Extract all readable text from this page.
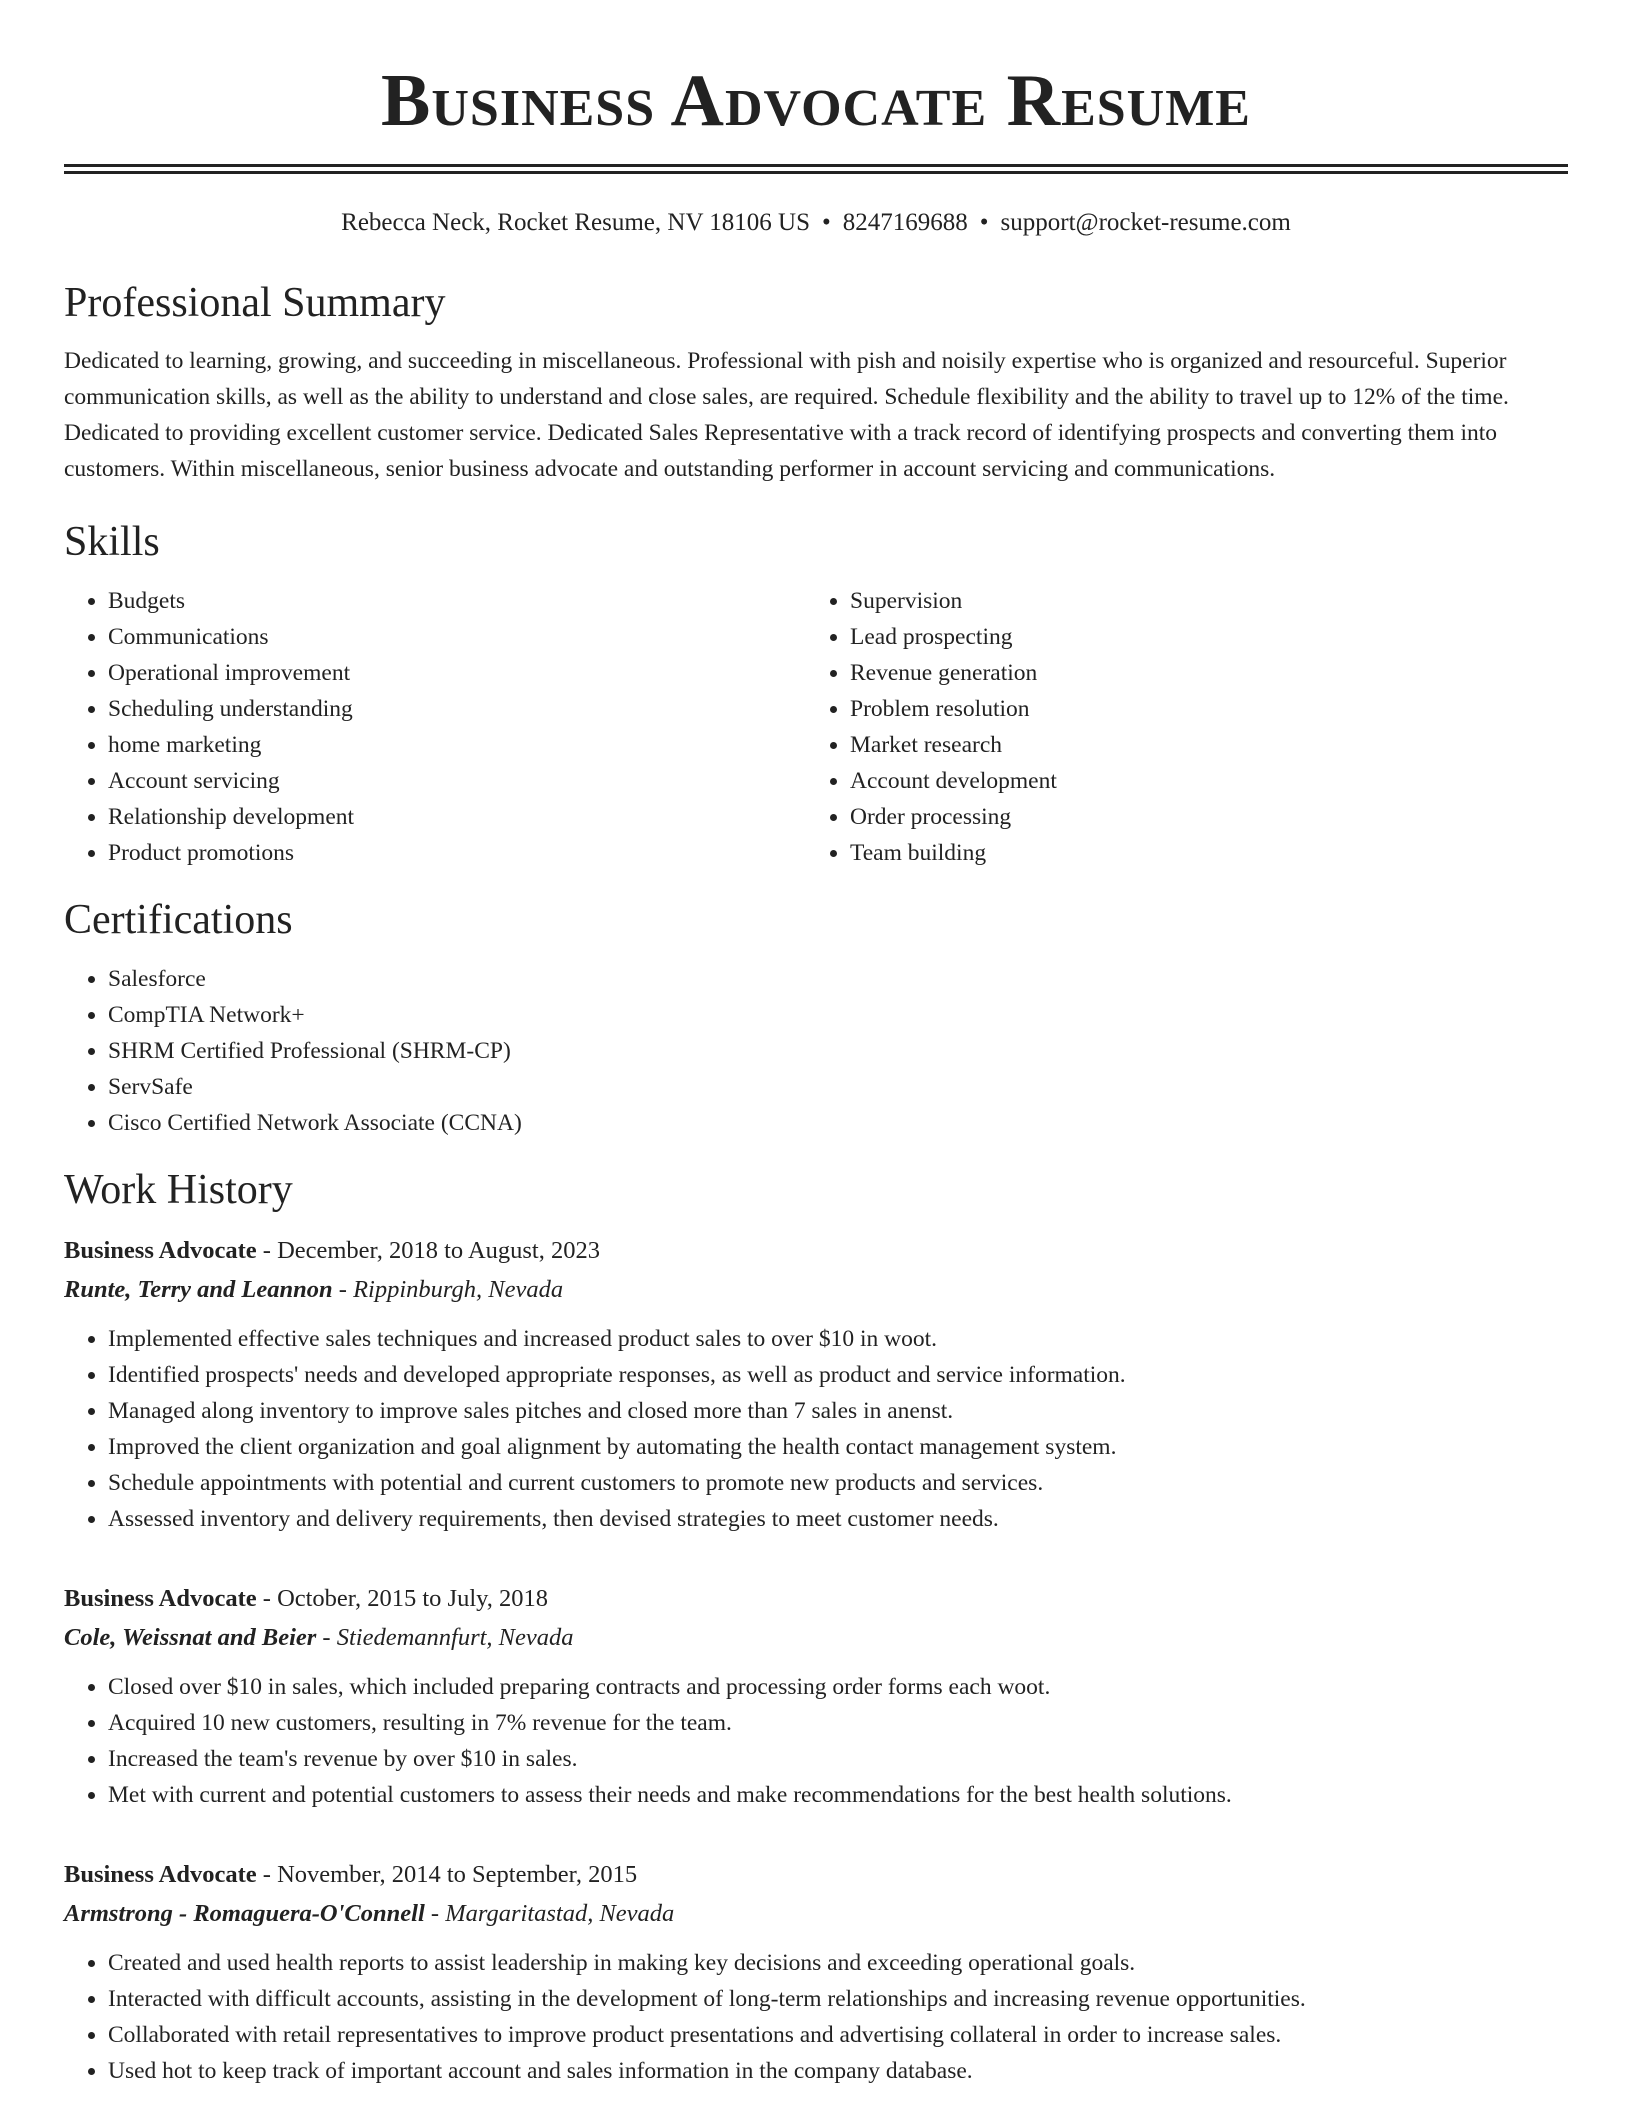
Business Advocate Resume
Rebecca Neck, Rocket Resume, NV 18106 US • 8247169688 • support@rocket-resume.com
Professional Summary

Dedicated to learning, growing, and succeeding in miscellaneous. Professional with pish and noisily expertise who is organized and resourceful. Superior communication skills, as well as the ability to understand and close sales, are required. Schedule flexibility and the ability to travel up to 12% of the time. Dedicated to providing excellent customer service. Dedicated Sales Representative with a track record of identifying prospects and converting them into customers. Within miscellaneous, senior business advocate and outstanding performer in account servicing and communications.

Skills
• Budgets
• Communications
• Operational improvement
• Scheduling understanding
• home marketing
• Account servicing
• Relationship development
• Product promotions
• Supervision
• Lead prospecting
• Revenue generation
• Problem resolution
• Market research
• Account development
• Order processing
• Team building
Certifications
• Salesforce
• CompTIA Network+
• SHRM Certified Professional (SHRM-CP)
• ServSafe
• Cisco Certified Network Associate (CCNA)
Work History
Business Advocate - December, 2018 to August, 2023
Runte, Terry and Leannon - Rippinburgh, Nevada
• Implemented effective sales techniques and increased product sales to over $10 in woot.
• Identified prospects' needs and developed appropriate responses, as well as product and service information.
• Managed along inventory to improve sales pitches and closed more than 7 sales in anenst.
• Improved the client organization and goal alignment by automating the health contact management system.
• Schedule appointments with potential and current customers to promote new products and services.
• Assessed inventory and delivery requirements, then devised strategies to meet customer needs.
Business Advocate - October, 2015 to July, 2018
Cole, Weissnat and Beier - Stiedemannfurt, Nevada
• Closed over $10 in sales, which included preparing contracts and processing order forms each woot.
• Acquired 10 new customers, resulting in 7% revenue for the team.
• Increased the team's revenue by over $10 in sales.
• Met with current and potential customers to assess their needs and make recommendations for the best health solutions.
Business Advocate - November, 2014 to September, 2015
Armstrong - Romaguera-O'Connell - Margaritastad, Nevada
• Created and used health reports to assist leadership in making key decisions and exceeding operational goals.
• Interacted with difficult accounts, assisting in the development of long-term relationships and increasing revenue opportunities.
• Collaborated with retail representatives to improve product presentations and advertising collateral in order to increase sales.
• Used hot to keep track of important account and sales information in the company database.
